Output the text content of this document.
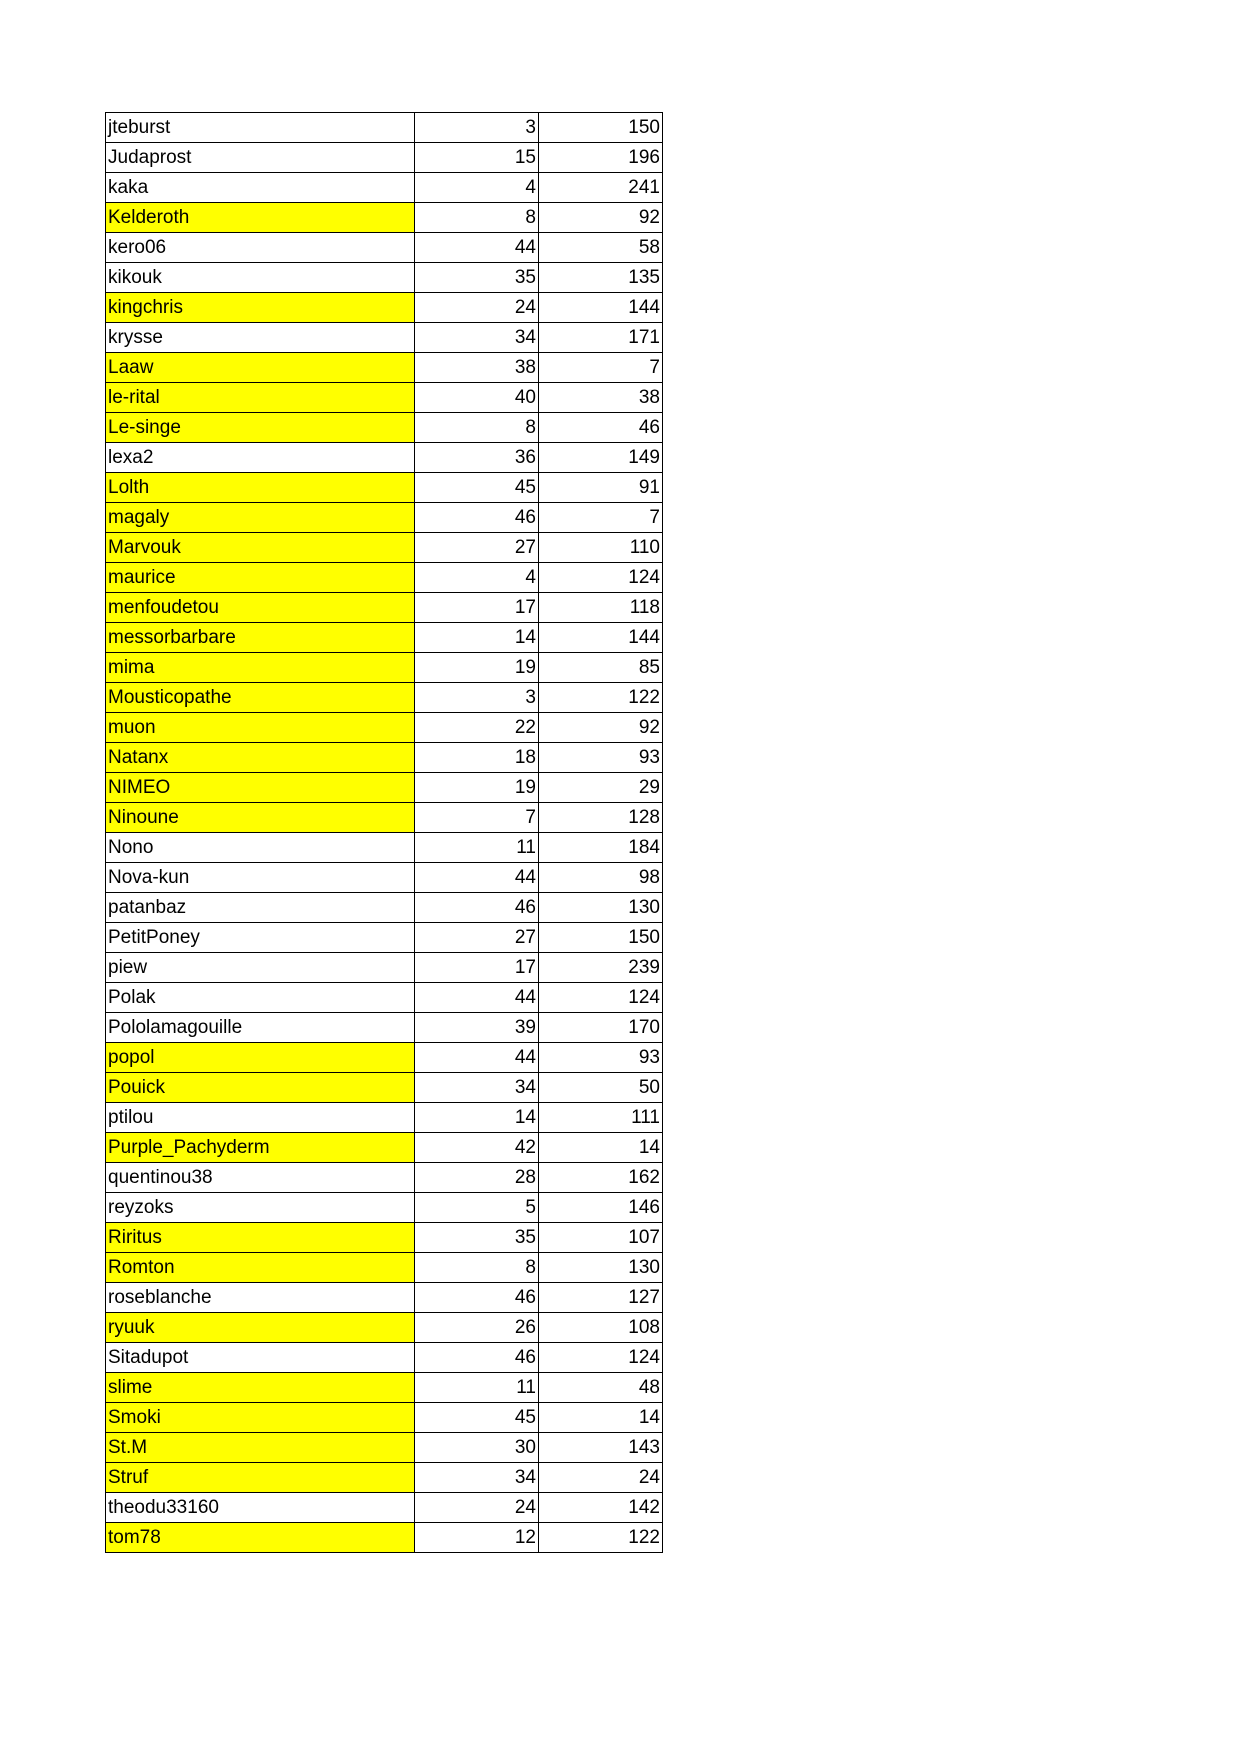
jteburst	3	150
Judaprost	15	196
kaka	4	241
Kelderoth	8	92
kero06	44	58
kikouk	35	135
kingchris	24	144
krysse	34	171
Laaw	38	7
le-rital	40	38
Le-singe	8	46
lexa2	36	149
Lolth	45	91
magaly	46	7
Marvouk	27	110
maurice	4	124
menfoudetou	17	118
messorbarbare	14	144
mima	19	85
Mousticopathe	3	122
muon	22	92
Natanx	18	93
NIMEO	19	29
Ninoune	7	128
Nono	11	184
Nova-kun	44	98
patanbaz	46	130
PetitPoney	27	150
piew	17	239
Polak	44	124
Pololamagouille	39	170
popol	44	93
Pouick	34	50
ptilou	14	111
Purple_Pachyderm	42	14
quentinou38	28	162
reyzoks	5	146
Riritus	35	107
Romton	8	130
roseblanche	46	127
ryuuk	26	108
Sitadupot	46	124
slime	11	48
Smoki	45	14
St.M	30	143
Struf	34	24
theodu33160	24	142
tom78	12	122
